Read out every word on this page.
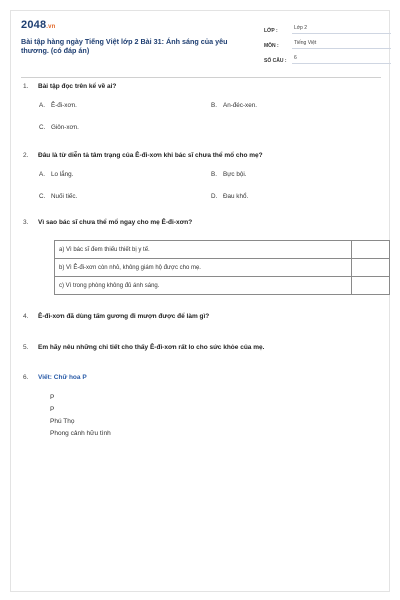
2048.vn
Bài tập hàng ngày Tiếng Việt lớp 2 Bài 31: Ánh sáng của yêu thương. (có đáp án)
LỚP :	Lớp 2
MÔN :	Tiếng Việt
SỐ CÂU :	6
1. Bài tập đọc trên kể về ai?
A. Ê-đi-xơn.	B. An-đéc-xen.
C. Giôn-xơn.
2. Đâu là từ diễn tả tâm trạng của Ê-đi-xơn khi bác sĩ chưa thể mổ cho mẹ?
A. Lo lắng.	B. Bực bội.
C. Nuối tiếc.	D. Đau khổ.
3. Vì sao bác sĩ chưa thể mổ ngay cho mẹ Ê-đi-xơn?
a) Vì bác sĩ đem thiếu thiết bị y tế.	
b) Vì Ê-đi-xơn còn nhỏ, không giám hộ được cho mẹ.	
c) Vì trong phòng không đủ ánh sáng.	
4. Ê-đi-xơn đã dùng tấm gương đi mượn được để làm gì?
5. Em hãy nêu những chi tiết cho thấy Ê-đi-xơn rất lo cho sức khỏe của mẹ.
6. Viết: Chữ hoa P
P
P
Phú Thọ
Phong cảnh hữu tình
